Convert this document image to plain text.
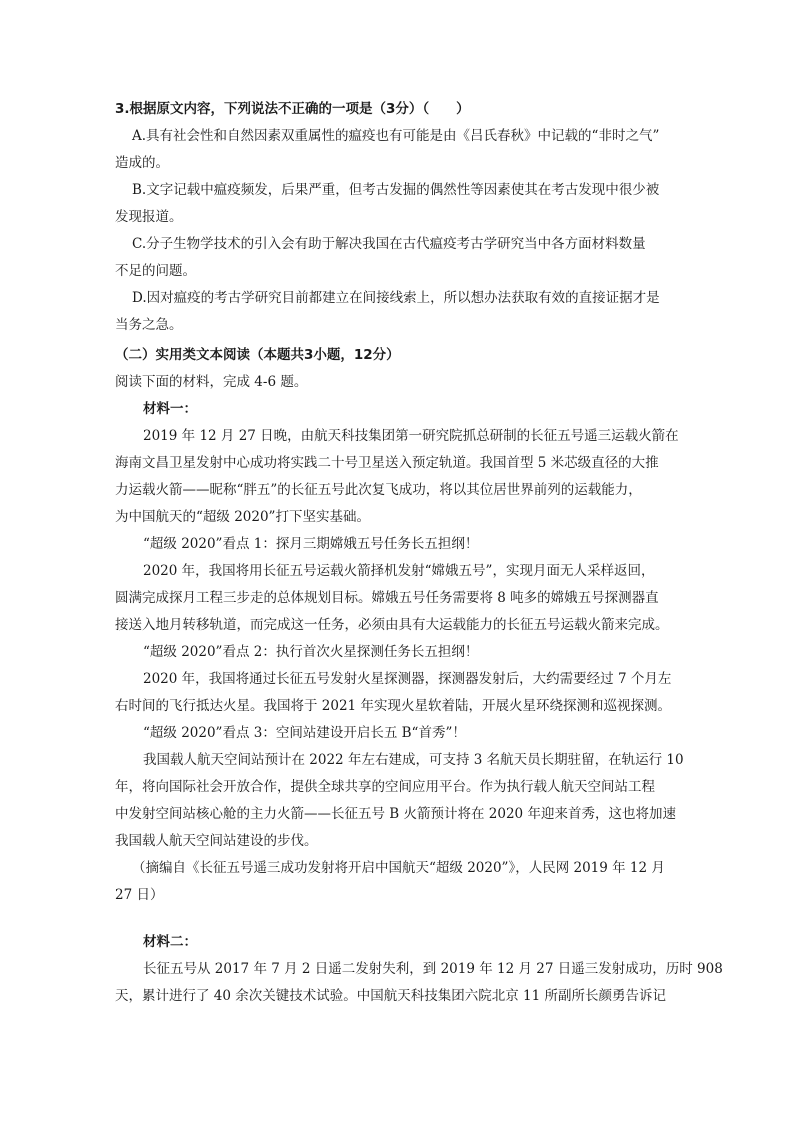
3.根据原文内容，下列说法不正确的一项是（3分）（　　）

A.具有社会性和自然因素双重属性的瘟疫也有可能是由《吕氏春秋》中记载的“非时之气”

造成的。

B.文字记载中瘟疫频发，后果严重，但考古发掘的偶然性等因素使其在考古发现中很少被

发现报道。

C.分子生物学技术的引入会有助于解决我国在古代瘟疫考古学研究当中各方面材料数量

不足的问题。

D.因对瘟疫的考古学研究目前都建立在间接线索上，所以想办法获取有效的直接证据才是

当务之急。

（二）实用类文本阅读（本题共3小题，12分）

阅读下面的材料，完成 4-6 题。

材料一：

2019 年 12 月 27 日晚，由航天科技集团第一研究院抓总研制的长征五号遥三运载火箭在

海南文昌卫星发射中心成功将实践二十号卫星送入预定轨道。我国首型 5 米芯级直径的大推

力运载火箭——昵称“胖五”的长征五号此次复飞成功，将以其位居世界前列的运载能力，

为中国航天的“超级 2020”打下坚实基础。

“超级 2020”看点 1：探月三期嫦娥五号任务长五担纲！

2020 年，我国将用长征五号运载火箭择机发射“嫦娥五号”，实现月面无人采样返回，

圆满完成探月工程三步走的总体规划目标。嫦娥五号任务需要将 8 吨多的嫦娥五号探测器直

接送入地月转移轨道，而完成这一任务，必须由具有大运载能力的长征五号运载火箭来完成。

“超级 2020”看点 2：执行首次火星探测任务长五担纲！

2020 年，我国将通过长征五号发射火星探测器，探测器发射后，大约需要经过 7 个月左

右时间的飞行抵达火星。我国将于 2021 年实现火星软着陆，开展火星环绕探测和巡视探测。

“超级 2020”看点 3：空间站建设开启长五 B“首秀”！

我国载人航天空间站预计在 2022 年左右建成，可支持 3 名航天员长期驻留，在轨运行 10

年，将向国际社会开放合作，提供全球共享的空间应用平台。作为执行载人航天空间站工程

中发射空间站核心舱的主力火箭——长征五号 B 火箭预计将在 2020 年迎来首秀，这也将加速

我国载人航天空间站建设的步伐。

（摘编自《长征五号遥三成功发射将开启中国航天“超级 2020”》，人民网 2019 年 12 月

27 日）

材料二：

长征五号从 2017 年 7 月 2 日遥二发射失利，到 2019 年 12 月 27 日遥三发射成功，历时 908

天，累计进行了 40 余次关键技术试验。中国航天科技集团六院北京 11 所副所长颜勇告诉记
